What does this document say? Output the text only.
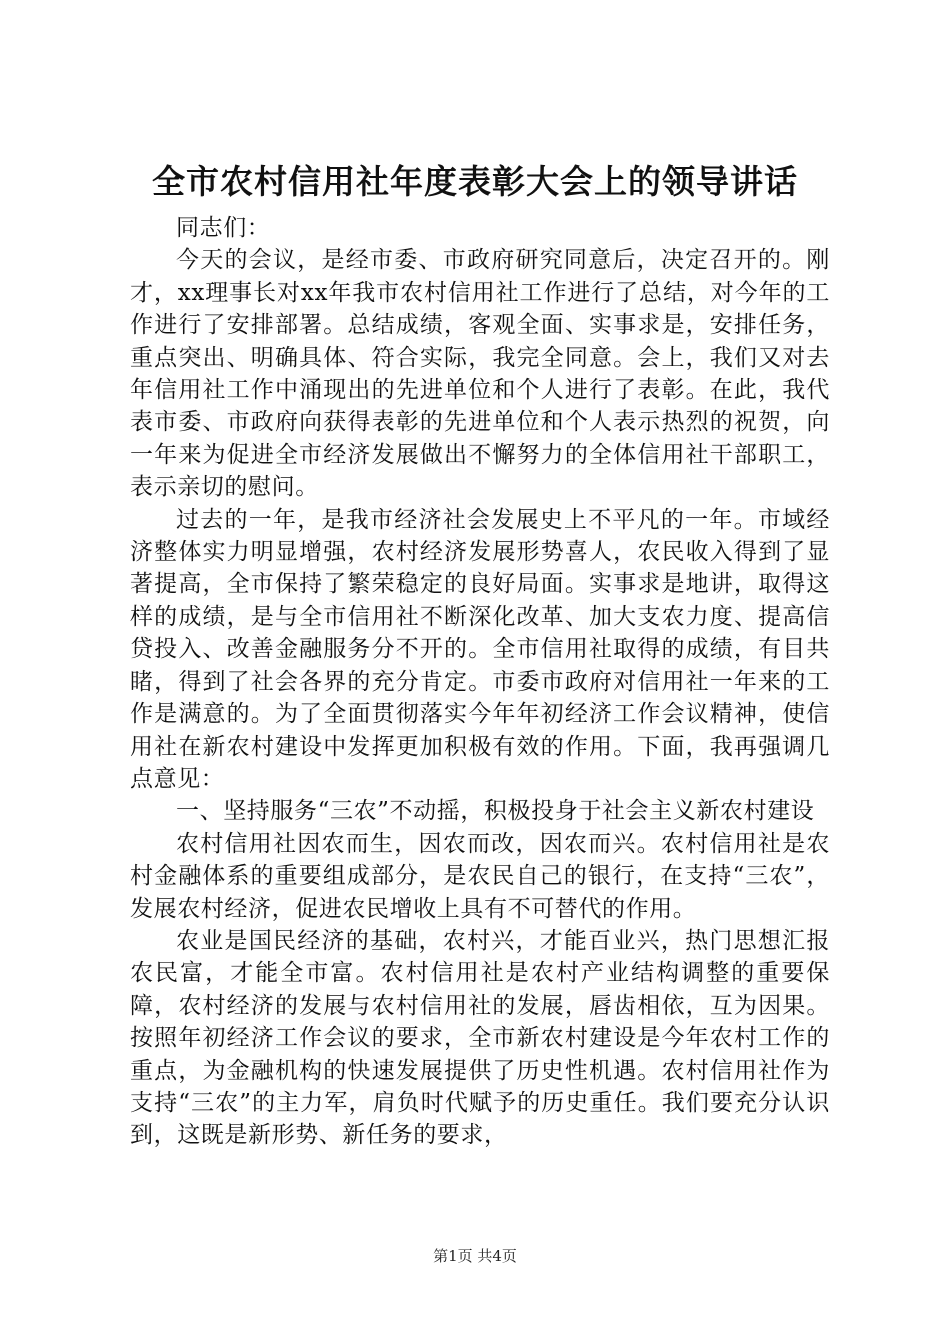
全市农村信用社年度表彰大会上的领导讲话

同志们：

今天的会议，是经市委、市政府研究同意后，决定召开的。刚才，xx理事长对xx年我市农村信用社工作进行了总结，对今年的工作进行了安排部署。总结成绩，客观全面、实事求是，安排任务，重点突出、明确具体、符合实际，我完全同意。会上，我们又对去年信用社工作中涌现出的先进单位和个人进行了表彰。在此，我代表市委、市政府向获得表彰的先进单位和个人表示热烈的祝贺，向一年来为促进全市经济发展做出不懈努力的全体信用社干部职工，表示亲切的慰问。

过去的一年，是我市经济社会发展史上不平凡的一年。市域经济整体实力明显增强，农村经济发展形势喜人，农民收入得到了显著提高，全市保持了繁荣稳定的良好局面。实事求是地讲，取得这样的成绩，是与全市信用社不断深化改革、加大支农力度、提高信贷投入、改善金融服务分不开的。全市信用社取得的成绩，有目共睹，得到了社会各界的充分肯定。市委市政府对信用社一年来的工作是满意的。为了全面贯彻落实今年年初经济工作会议精神，使信用社在新农村建设中发挥更加积极有效的作用。下面，我再强调几点意见：

一、坚持服务“三农”不动摇，积极投身于社会主义新农村建设

农村信用社因农而生，因农而改，因农而兴。农村信用社是农村金融体系的重要组成部分，是农民自己的银行，在支持“三农”，发展农村经济，促进农民增收上具有不可替代的作用。

农业是国民经济的基础，农村兴，才能百业兴，热门思想汇报农民富，才能全市富。农村信用社是农村产业结构调整的重要保障，农村经济的发展与农村信用社的发展，唇齿相依，互为因果。按照年初经济工作会议的要求，全市新农村建设是今年农村工作的重点，为金融机构的快速发展提供了历史性机遇。农村信用社作为支持“三农”的主力军，肩负时代赋予的历史重任。我们要充分认识到，这既是新形势、新任务的要求，

第1页 共4页
